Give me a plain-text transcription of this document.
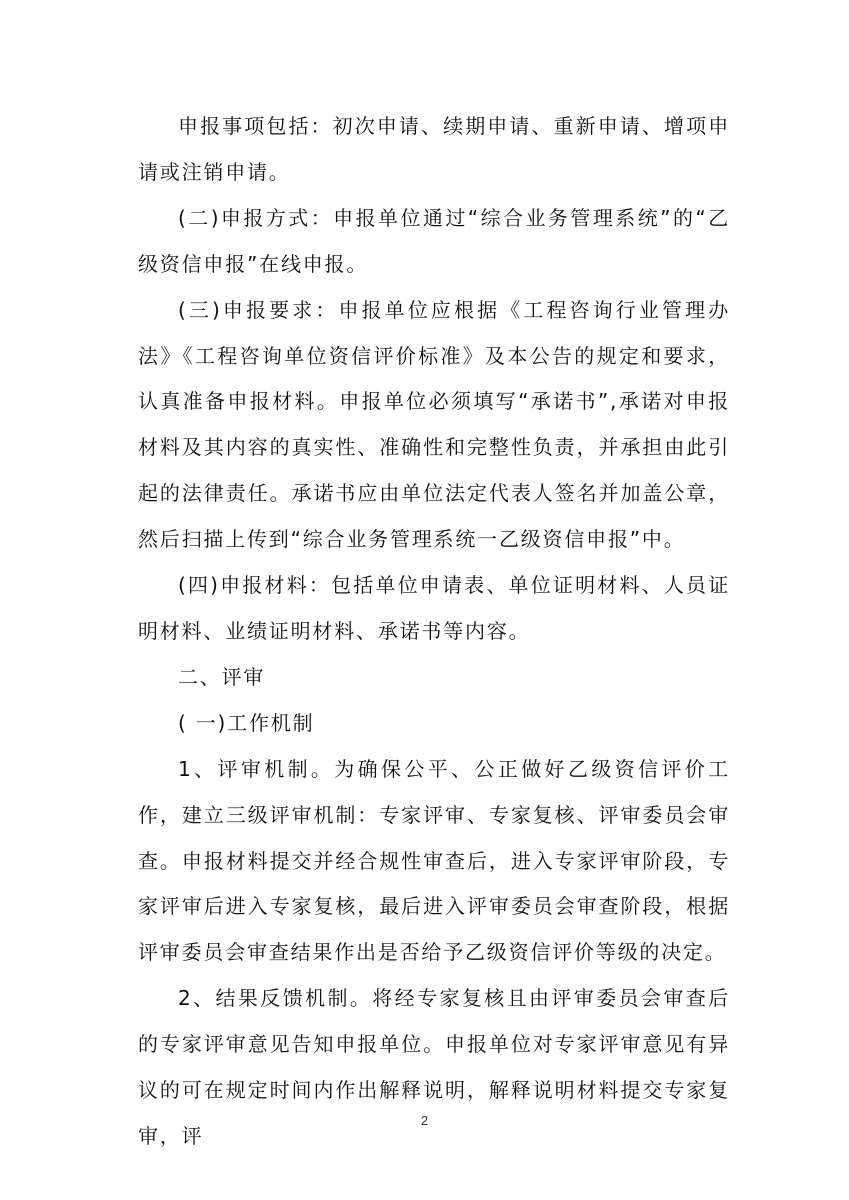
申报事项包括：初次申请、续期申请、重新申请、增项申请或注销申请。

(二)申报方式：申报单位通过“综合业务管理系统”的“乙级资信申报”在线申报。

(三)申报要求：申报单位应根据《工程咨询行业管理办法》《工程咨询单位资信评价标准》及本公告的规定和要求，认真准备申报材料。申报单位必须填写“承诺书”,承诺对申报材料及其内容的真实性、准确性和完整性负责，并承担由此引起的法律责任。承诺书应由单位法定代表人签名并加盖公章，然后扫描上传到“综合业务管理系统一乙级资信申报”中。

(四)申报材料：包括单位申请表、单位证明材料、人员证明材料、业绩证明材料、承诺书等内容。

二、评审

( 一)工作机制

1、评审机制。为确保公平、公正做好乙级资信评价工作，建立三级评审机制：专家评审、专家复核、评审委员会审查。申报材料提交并经合规性审查后，进入专家评审阶段，专家评审后进入专家复核，最后进入评审委员会审查阶段，根据评审委员会审查结果作出是否给予乙级资信评价等级的决定。

2、结果反馈机制。将经专家复核且由评审委员会审查后的专家评审意见告知申报单位。申报单位对专家评审意见有异议的可在规定时间内作出解释说明，解释说明材料提交专家复审，评

2
